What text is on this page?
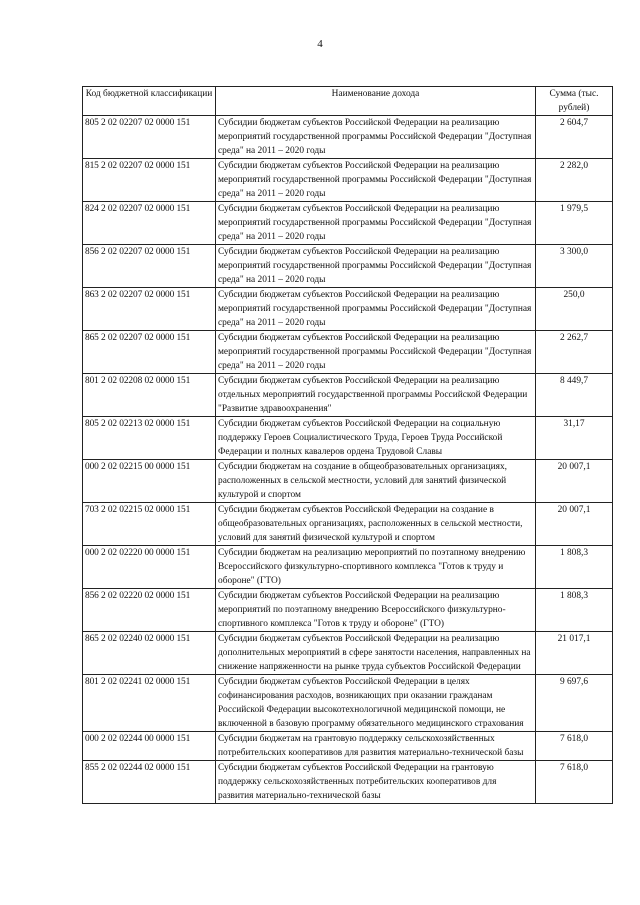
4
Код бюджетной классификации	Наименование дохода	Сумма (тыс. рублей)
805 2 02 02207 02 0000 151	Субсидии бюджетам субъектов Российской Федерации на реализацию мероприятий государственной программы Российской Федерации "Доступная среда" на 2011 – 2020 годы	2 604,7
815 2 02 02207 02 0000 151	Субсидии бюджетам субъектов Российской Федерации на реализацию мероприятий государственной программы Российской Федерации "Доступная среда" на 2011 – 2020 годы	2 282,0
824 2 02 02207 02 0000 151	Субсидии бюджетам субъектов Российской Федерации на реализацию мероприятий государственной программы Российской Федерации "Доступная среда" на 2011 – 2020 годы	1 979,5
856 2 02 02207 02 0000 151	Субсидии бюджетам субъектов Российской Федерации на реализацию мероприятий государственной программы Российской Федерации "Доступная среда" на 2011 – 2020 годы	3 300,0
863 2 02 02207 02 0000 151	Субсидии бюджетам субъектов Российской Федерации на реализацию мероприятий государственной программы Российской Федерации "Доступная среда" на 2011 – 2020 годы	250,0
865 2 02 02207 02 0000 151	Субсидии бюджетам субъектов Российской Федерации на реализацию мероприятий государственной программы Российской Федерации "Доступная среда" на 2011 – 2020 годы	2 262,7
801 2 02 02208 02 0000 151	Субсидии бюджетам субъектов Российской Федерации на реализацию отдельных мероприятий государственной программы Российской Федерации "Развитие здравоохранения"	8 449,7
805 2 02 02213 02 0000 151	Субсидии бюджетам субъектов Российской Федерации на социальную поддержку Героев Социалистического Труда, Героев Труда Российской Федерации и полных кавалеров ордена Трудовой Славы	31,17
000 2 02 02215 00 0000 151	Субсидии бюджетам на создание в общеобразовательных организациях, расположенных в сельской местности, условий для занятий физической культурой и спортом	20 007,1
703 2 02 02215 02 0000 151	Субсидии бюджетам субъектов Российской Федерации на создание в общеобразовательных организациях, расположенных в сельской местности, условий для занятий физической культурой и спортом	20 007,1
000 2 02 02220 00 0000 151	Субсидии бюджетам на реализацию мероприятий по поэтапному внедрению Всероссийского физкультурно-спортивного комплекса "Готов к труду и обороне" (ГТО)	1 808,3
856 2 02 02220 02 0000 151	Субсидии бюджетам субъектов Российской Федерации на реализацию мероприятий по поэтапному внедрению Всероссийского физкультурно-спортивного комплекса "Готов к труду и обороне" (ГТО)	1 808,3
865 2 02 02240 02 0000 151	Субсидии бюджетам субъектов Российской Федерации на реализацию дополнительных мероприятий в сфере занятости населения, направленных на снижение напряженности на рынке труда субъектов Российской Федерации	21 017,1
801 2 02 02241 02 0000 151	Субсидии бюджетам субъектов Российской Федерации в целях софинансирования расходов, возникающих при оказании гражданам Российской Федерации высокотехнологичной медицинской помощи, не включенной в базовую программу обязательного медицинского страхования	9 697,6
000 2 02 02244 00 0000 151	Субсидии бюджетам на грантовую поддержку сельскохозяйственных потребительских кооперативов для развития материально-технической базы	7 618,0
855 2 02 02244 02 0000 151	Субсидии бюджетам субъектов Российской Федерации на грантовую поддержку сельскохозяйственных потребительских кооперативов для развития материально-технической базы	7 618,0
